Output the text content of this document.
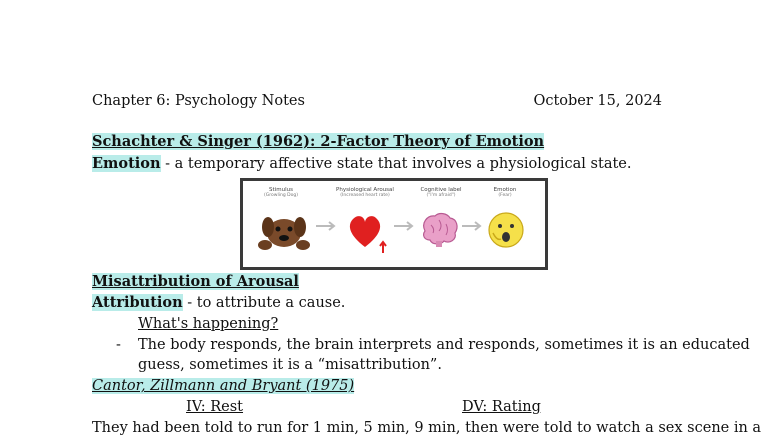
Chapter 6: Psychology Notes	October 15, 2024
Schachter & Singer (1962): 2-Factor Theory of Emotion
Emotion - a temporary affective state that involves a physiological state.
Stimulus
(Growling Dog)
Physiological Arousal
(Increased heart rate)
Cognitive label
("I'm afraid")
Emotion
(Fear)
Misattribution of Arousal
Attribution - to attribute a cause.
What's happening?
- The body responds, the brain interprets and responds, sometimes it is an educated
guess, sometimes it is a “misattribution”.
Cantor, Zillmann and Bryant (1975)
IV: Rest	DV: Rating
They had been told to run for 1 min, 5 min, 9 min, then were told to watch a sex scene in a
